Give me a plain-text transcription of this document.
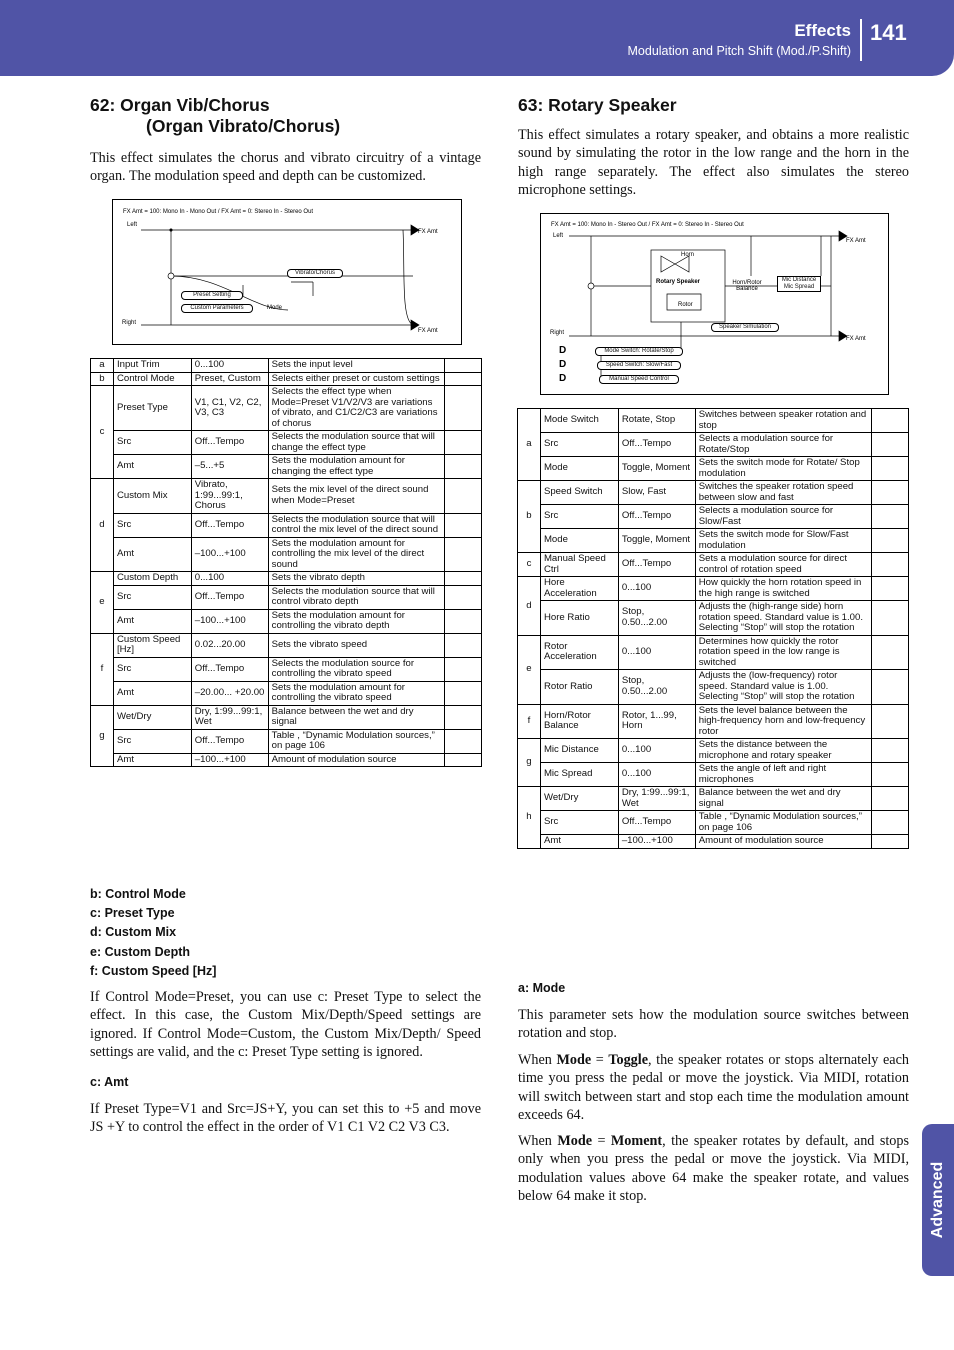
Effects
Modulation and Pitch Shift (Mod./P.Shift)
141
Advanced
62: Organ Vib/Chorus
(Organ Vibrato/Chorus)

This effect simulates the chorus and vibrato circuitry of a vintage organ. The modulation speed and depth can be customized.

FX Amt = 100: Mono In - Mono Out / FX Amt = 0: Stereo In - Stereo Out
Left
Right
FX Amt
FX Amt
Vibrato/Chorus
Preset Setting
Custom Parameters	Mode
a	Input Trim	0...100	Sets the input level	
b	Control Mode	Preset, Custom	Selects either preset or custom settings	
c	Preset Type	V1, C1, V2, C2, V3, C3	Selects the effect type when Mode=Preset V1/V2/V3 are variations of vibrato, and C1/C2/C3 are variations of chorus	
	Src	Off...Tempo	Selects the modulation source that will change the effect type	
	Amt	–5...+5	Sets the modulation amount for changing the effect type	
d	Custom Mix	Vibrato, 1:99...99:1, Chorus	Sets the mix level of the direct sound when Mode=Preset	
	Src	Off...Tempo	Selects the modulation source that will control the mix level of the direct sound	
	Amt	–100...+100	Sets the modulation amount for controlling the mix level of the direct sound	
e	Custom Depth	0...100	Sets the vibrato depth	
	Src	Off...Tempo	Selects the modulation source that will control vibrato depth	
	Amt	–100...+100	Sets the modulation amount for controlling the vibrato depth	
f	Custom Speed [Hz]	0.02...20.00	Sets the vibrato speed	
	Src	Off...Tempo	Selects the modulation source for controlling the vibrato speed	
	Amt	–20.00... +20.00	Sets the modulation amount for controlling the vibrato speed	
g	Wet/Dry	Dry, 1:99...99:1, Wet	Balance between the wet and dry signal	
	Src	Off...Tempo	Table , “Dynamic Modulation sources,” on page 106	
	Amt	–100...+100	Amount of modulation source	
b: Control Mode
c: Preset Type
d: Custom Mix
e: Custom Depth
f: Custom Speed [Hz]

If Control Mode=Preset, you can use c: Preset Type to select the effect. In this case, the Custom Mix/Depth/Speed settings are ignored. If Control Mode=Custom, the Custom Mix/Depth/ Speed settings are valid, and the c: Preset Type setting is ignored.

c: Amt

If Preset Type=V1 and Src=JS+Y, you can set this to +5 and move JS +Y to control the effect in the order of V1 C1 V2 C2 V3 C3.

63: Rotary Speaker

This effect simulates a rotary speaker, and obtains a more realistic sound by simulating the rotor in the low range and the horn in the high range separately. The effect also simulates the stereo microphone settings.

FX Amt = 100: Mono In - Stereo Out / FX Amt = 0: Stereo In - Stereo Out
Left
Right
FX Amt
FX Amt
Horn
Rotary Speaker
Rotor
Horn/Rotor Balance
Mic Distance Mic Spread
Speaker Simulation
D	Mode Switch: Rotate/Stop
D	Speed Switch: Slow/Fast
D	Manual Speed Control
a	Mode Switch	Rotate, Stop	Switches between speaker rotation and stop	
	Src	Off...Tempo	Selects a modulation source for Rotate/Stop	
	Mode	Toggle, Moment	Sets the switch mode for Rotate/ Stop modulation	
b	Speed Switch	Slow, Fast	Switches the speaker rotation speed between slow and fast	
	Src	Off...Tempo	Selects a modulation source for Slow/Fast	
	Mode	Toggle, Moment	Sets the switch mode for Slow/Fast modulation	
c	Manual Speed Ctrl	Off...Tempo	Sets a modulation source for direct control of rotation speed	
d	Hore Acceleration	0...100	How quickly the horn rotation speed in the high range is switched	
	Hore Ratio	Stop, 0.50...2.00	Adjusts the (high-range side) horn rotation speed. Standard value is 1.00. Selecting “Stop” will stop the rotation	
e	Rotor Acceleration	0...100	Determines how quickly the rotor rotation speed in the low range is switched	
	Rotor Ratio	Stop, 0.50...2.00	Adjusts the (low-frequency) rotor speed. Standard value is 1.00. Selecting “Stop” will stop the rotation	
f	Horn/Rotor Balance	Rotor, 1...99, Horn	Sets the level balance between the high-frequency horn and low-frequency rotor	
g	Mic Distance	0...100	Sets the distance between the microphone and rotary speaker	
	Mic Spread	0...100	Sets the angle of left and right microphones	
h	Wet/Dry	Dry, 1:99...99:1, Wet	Balance between the wet and dry signal	
	Src	Off...Tempo	Table , “Dynamic Modulation sources,” on page 106	
	Amt	–100...+100	Amount of modulation source	
a: Mode

This parameter sets how the modulation source switches between rotation and stop.

When Mode = Toggle, the speaker rotates or stops alternately each time you press the pedal or move the joystick. Via MIDI, rotation will switch between start and stop each time the modulation amount exceeds 64.

When Mode = Moment, the speaker rotates by default, and stops only when you press the pedal or move the joystick. Via MIDI, modulation values above 64 make the speaker rotate, and values below 64 make it stop.
